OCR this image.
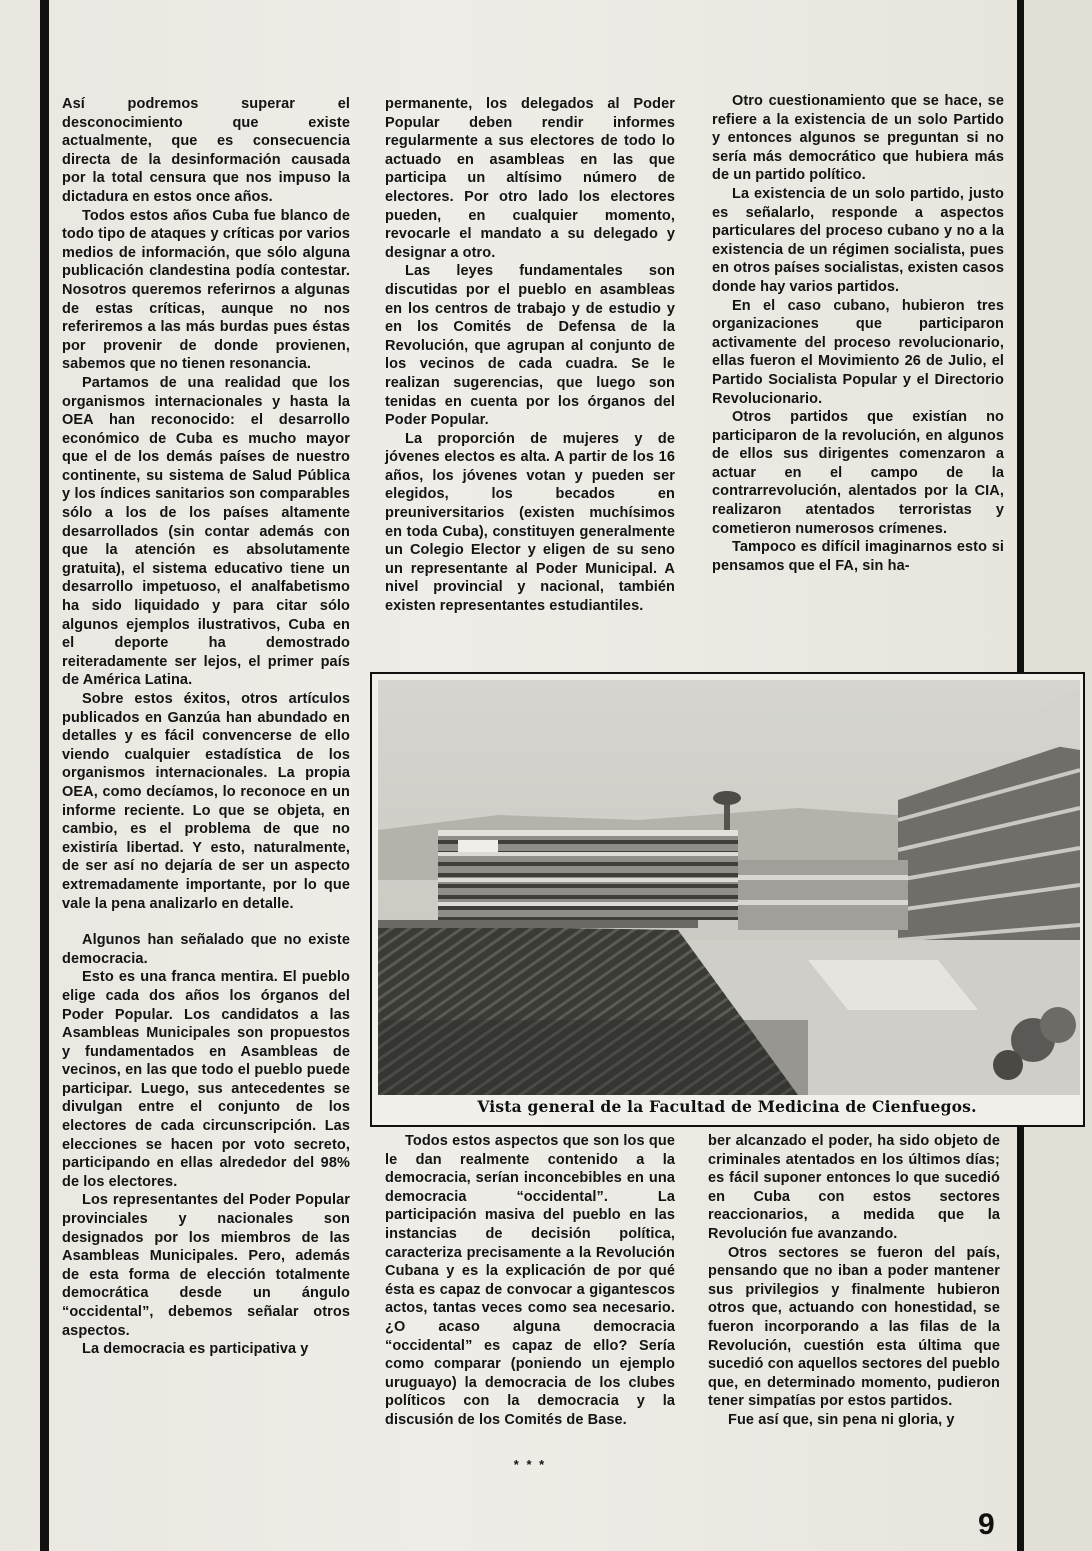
Así podremos superar el desconocimiento que existe actualmente, que es consecuencia directa de la desinformación causada por la total censura que nos impuso la dictadura en estos once años.

Todos estos años Cuba fue blanco de todo tipo de ataques y críticas por varios medios de información, que sólo alguna publicación clandestina podía contestar. Nosotros queremos referirnos a algunas de estas críticas, aunque no nos referiremos a las más burdas pues éstas por provenir de donde provienen, sabemos que no tienen resonancia.

Partamos de una realidad que los organismos internacionales y hasta la OEA han reconocido: el desarrollo económico de Cuba es mucho mayor que el de los demás países de nuestro continente, su sistema de Salud Pública y los índices sanitarios son comparables sólo a los de los países altamente desarrollados (sin contar además con que la atención es absolutamente gratuita), el sistema educativo tiene un desarrollo impetuoso, el analfabetismo ha sido liquidado y para citar sólo algunos ejemplos ilustrativos, Cuba en el deporte ha demostrado reiteradamente ser lejos, el primer país de América Latina.

Sobre estos éxitos, otros artículos publicados en Ganzúa han abundado en detalles y es fácil convencerse de ello viendo cualquier estadística de los organismos internacionales. La propia OEA, como decíamos, lo reconoce en un informe reciente. Lo que se objeta, en cambio, es el problema de que no existiría libertad. Y esto, naturalmente, de ser así no dejaría de ser un aspecto extremadamente importante, por lo que vale la pena analizarlo en detalle.

Algunos han señalado que no existe democracia.

Esto es una franca mentira. El pueblo elige cada dos años los órganos del Poder Popular. Los candidatos a las Asambleas Municipales son propuestos y fundamentados en Asambleas de vecinos, en las que todo el pueblo puede participar. Luego, sus antecedentes se divulgan entre el conjunto de los electores de cada circunscripción. Las elecciones se hacen por voto secreto, participando en ellas alrededor del 98% de los electores.

Los representantes del Poder Popular provinciales y nacionales son designados por los miembros de las Asambleas Municipales. Pero, además de esta forma de elección totalmente democrática desde un ángulo “occidental”, debemos señalar otros aspectos.

La democracia es participativa y

permanente, los delegados al Poder Popular deben rendir informes regularmente a sus electores de todo lo actuado en asambleas en las que participa un altísimo número de electores. Por otro lado los electores pueden, en cualquier momento, revocarle el mandato a su delegado y designar a otro.

Las leyes fundamentales son discutidas por el pueblo en asambleas en los centros de trabajo y de estudio y en los Comités de Defensa de la Revolución, que agrupan al conjunto de los vecinos de cada cuadra. Se le realizan sugerencias, que luego son tenidas en cuenta por los órganos del Poder Popular.

La proporción de mujeres y de jóvenes electos es alta. A partir de los 16 años, los jóvenes votan y pueden ser elegidos, los becados en preuniversitarios (existen muchísimos en toda Cuba), constituyen generalmente un Colegio Elector y eligen de su seno un representante al Poder Municipal. A nivel provincial y nacional, también existen representantes estudiantiles.

Otro cuestionamiento que se hace, se refiere a la existencia de un solo Partido y entonces algunos se preguntan si no sería más democrático que hubiera más de un partido político.

La existencia de un solo partido, justo es señalarlo, responde a aspectos particulares del proceso cubano y no a la existencia de un régimen socialista, pues en otros países socialistas, existen casos donde hay varios partidos.

En el caso cubano, hubieron tres organizaciones que participaron activamente del proceso revolucionario, ellas fueron el Movimiento 26 de Julio, el Partido Socialista Popular y el Directorio Revolucionario.

Otros partidos que existían no participaron de la revolución, en algunos de ellos sus dirigentes comenzaron a actuar en el campo de la contrarrevolución, alentados por la CIA, realizaron atentados terroristas y cometieron numerosos crímenes.

Tampoco es difícil imaginarnos esto si pensamos que el FA, sin ha-

Vista general de la Facultad de Medicina de Cienfuegos.

Todos estos aspectos que son los que le dan realmente contenido a la democracia, serían inconcebibles en una democracia “occidental”. La participación masiva del pueblo en las instancias de decisión política, caracteriza precisamente a la Revolución Cubana y es la explicación de por qué ésta es capaz de convocar a gigantescos actos, tantas veces como sea necesario. ¿O acaso alguna democracia “occidental” es capaz de ello? Sería como comparar (poniendo un ejemplo uruguayo) la democracia de los clubes políticos con la democracia y la discusión de los Comités de Base.

* * *

ber alcanzado el poder, ha sido objeto de criminales atentados en los últimos días; es fácil suponer entonces lo que sucedió en Cuba con estos sectores reaccionarios, a medida que la Revolución fue avanzando.

Otros sectores se fueron del país, pensando que no iban a poder mantener sus privilegios y finalmente hubieron otros que, actuando con honestidad, se fueron incorporando a las filas de la Revolución, cuestión esta última que sucedió con aquellos sectores del pueblo que, en determinado momento, pudieron tener simpatías por estos partidos.

Fue así que, sin pena ni gloria, y

9
